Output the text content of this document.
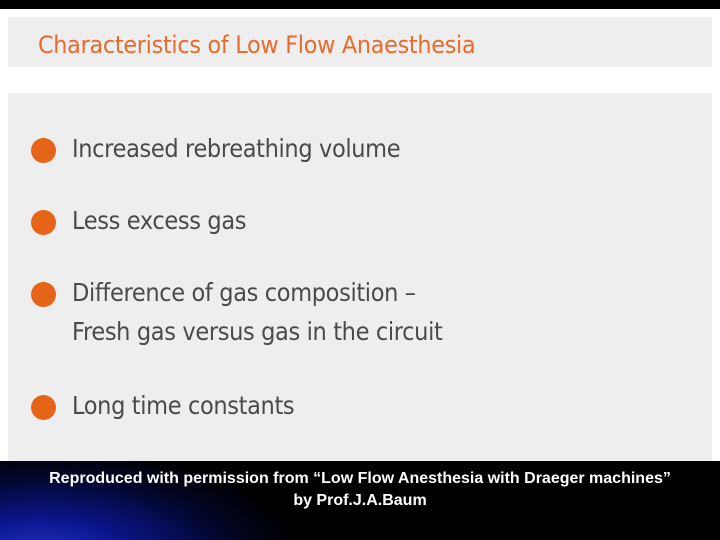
Characteristics of Low Flow Anaesthesia
Increased rebreathing volume
Less excess gas
Difference of gas composition –
Fresh gas versus gas in the circuit
Long time constants
Reproduced with permission from “Low Flow Anesthesia with Draeger machines”
by Prof.J.A.Baum
